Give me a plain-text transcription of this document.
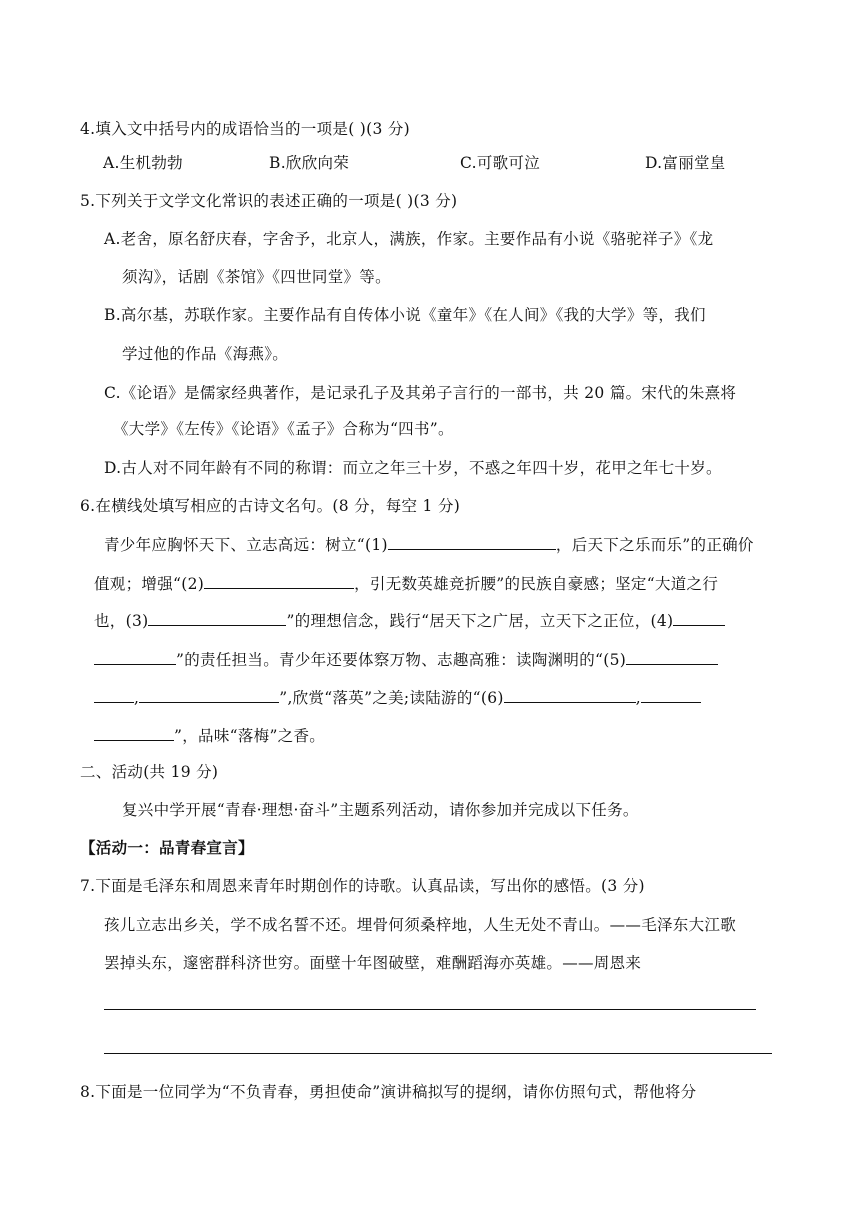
4.填入文中括号内的成语恰当的一项是( )(3 分)
A.生机勃勃	B.欣欣向荣	C.可歌可泣	D.富丽堂皇
5.下列关于文学文化常识的表述正确的一项是( )(3 分)
A.老舍，原名舒庆春，字舍予，北京人，满族，作家。主要作品有小说《骆驼祥子》《龙
须沟》，话剧《茶馆》《四世同堂》等。
B.高尔基，苏联作家。主要作品有自传体小说《童年》《在人间》《我的大学》等，我们
学过他的作品《海燕》。
C.《论语》是儒家经典著作，是记录孔子及其弟子言行的一部书，共 20 篇。宋代的朱熹将
《大学》《左传》《论语》《孟子》合称为“四书”。
D.古人对不同年龄有不同的称谓：而立之年三十岁，不惑之年四十岁，花甲之年七十岁。
6.在横线处填写相应的古诗文名句。(8 分，每空 1 分)
青少年应胸怀天下、立志高远：树立“(1)	，后天下之乐而乐”的正确价
值观；增强“(2)	，引无数英雄竞折腰”的民族自豪感；坚定“大道之行
也，(3)	”的理想信念，践行“居天下之广居，立天下之正位，(4)
”的责任担当。青少年还要体察万物、志趣高雅：读陶渊明的“(5)
,	”,欣赏“落英”之美;读陆游的“(6)	,
”，品味“落梅”之香。
二、活动(共 19 分)
复兴中学开展“青春·理想·奋斗”主题系列活动，请你参加并完成以下任务。
【活动一：品青春宣言】
7.下面是毛泽东和周恩来青年时期创作的诗歌。认真品读，写出你的感悟。(3 分)
孩儿立志出乡关，学不成名誓不还。埋骨何须桑梓地，人生无处不青山。——毛泽东大江歌
罢掉头东，邃密群科济世穷。面壁十年图破壁，难酬蹈海亦英雄。——周恩来
8.下面是一位同学为“不负青春，勇担使命”演讲稿拟写的提纲，请你仿照句式，帮他将分
